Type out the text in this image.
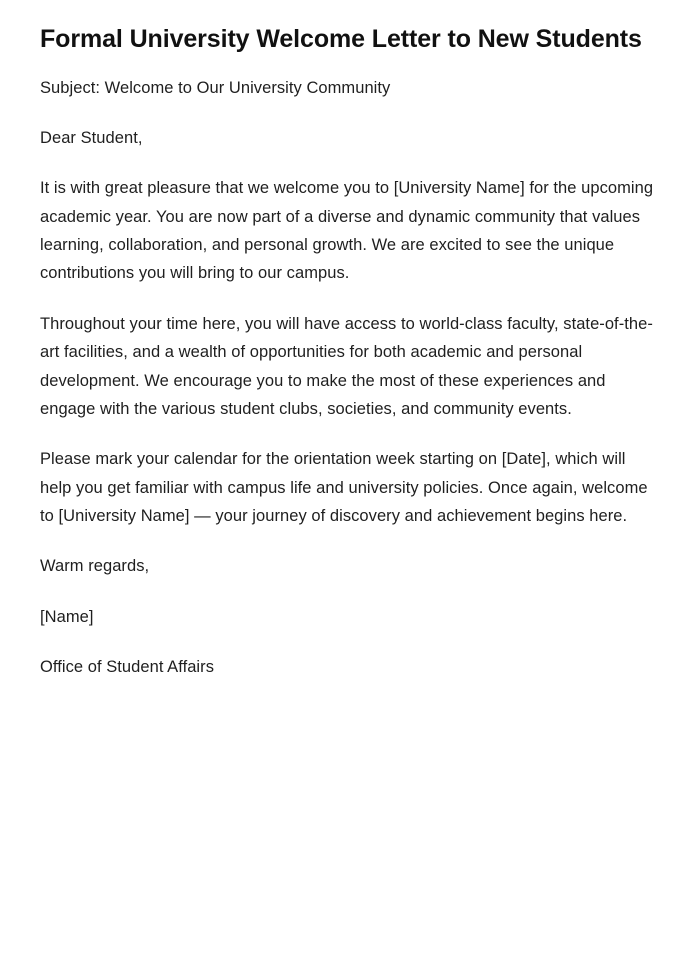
Formal University Welcome Letter to New Students

Subject: Welcome to Our University Community

Dear Student,

It is with great pleasure that we welcome you to [University Name] for the upcoming academic year. You are now part of a diverse and dynamic community that values learning, collaboration, and personal growth. We are excited to see the unique contributions you will bring to our campus.

Throughout your time here, you will have access to world-class faculty, state-of-the-art facilities, and a wealth of opportunities for both academic and personal development. We encourage you to make the most of these experiences and engage with the various student clubs, societies, and community events.

Please mark your calendar for the orientation week starting on [Date], which will help you get familiar with campus life and university policies. Once again, welcome to [University Name] — your journey of discovery and achievement begins here.

Warm regards,

[Name]

Office of Student Affairs
